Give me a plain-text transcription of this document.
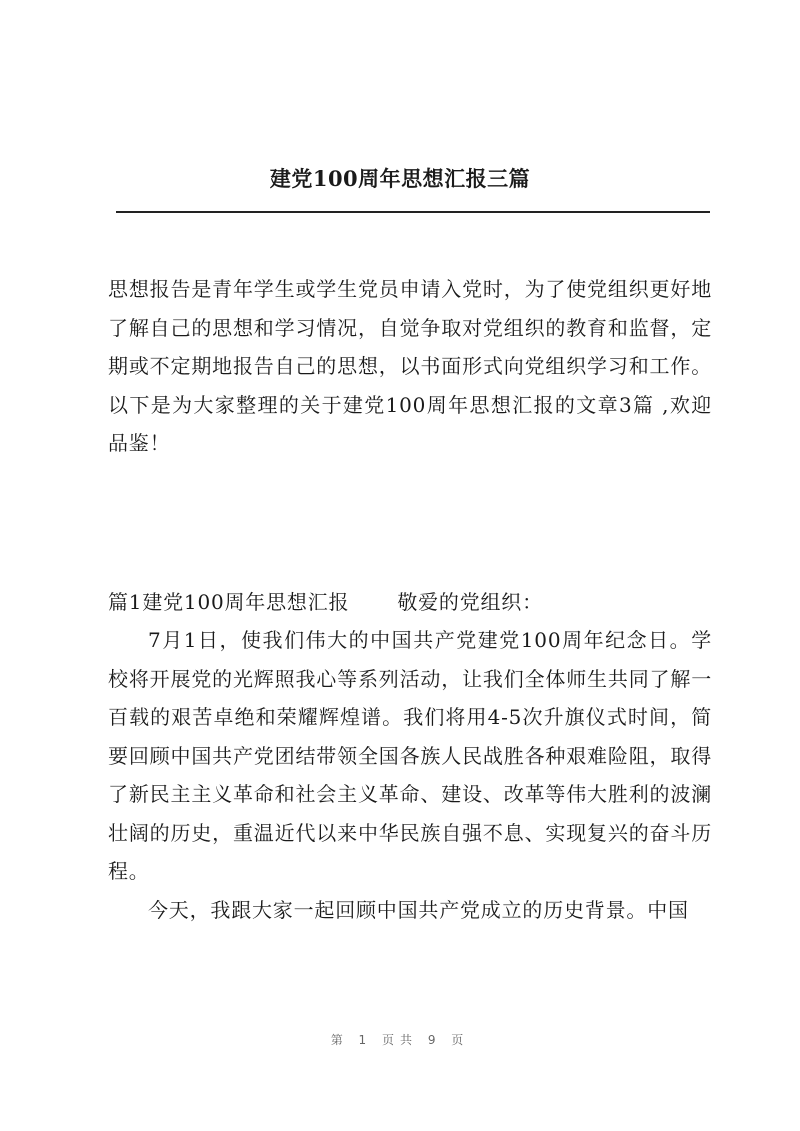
建党100周年思想汇报三篇

思想报告是青年学生或学生党员申请入党时，为了使党组织更好地了解自己的思想和学习情况，自觉争取对党组织的教育和监督，定期或不定期地报告自己的思想，以书面形式向党组织学习和工作。 以下是为大家整理的关于建党100周年思想汇报的文章3篇 ,欢迎品鉴！

篇1建党100周年思想汇报 敬爱的党组织：

7月1日，使我们伟大的中国共产党建党100周年纪念日。学校将开展党的光辉照我心等系列活动，让我们全体师生共同了解一百载的艰苦卓绝和荣耀辉煌谱。我们将用4-5次升旗仪式时间，简要回顾中国共产党团结带领全国各族人民战胜各种艰难险阻，取得了新民主主义革命和社会主义革命、建设、改革等伟大胜利的波澜壮阔的历史，重温近代以来中华民族自强不息、实现复兴的奋斗历程。

今天，我跟大家一起回顾中国共产党成立的历史背景。中国

第 1 页共 9 页
